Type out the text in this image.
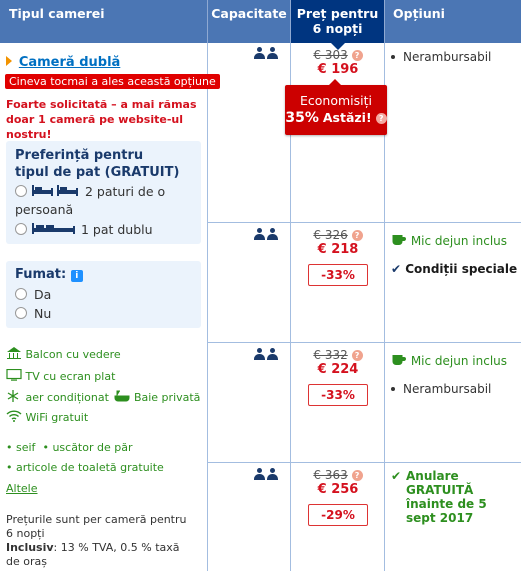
Tipul camerei	Capacitate Preț pentru
6 nopți
Opțiuni
Cameră dublă
Cineva tocmai a ales această opțiune
Foarte solicitată – a mai rămas doar 1 cameră pe website-ul nostru!
Preferință pentru tipul de pat (GRATUIT)
2 paturi de o persoană
1 pat dublu
Fumat: i
Da
Nu
Balcon cu vedere
TV cu ecran plat
aer condiționat Baie privată
WiFi gratuit
• seif • uscător de păr
• articole de toaletă gratuite
Altele
Prețurile sunt per cameră pentru 6 nopți
Inclusiv: 13 % TVA, 0.5 % taxă de oraș
€ 303 ?
€ 196
Economisiți
35% Astăzi! ?
Nerambursabil
€ 326 ?
€ 218
-33%
Mic dejun inclus
✔ Condiții speciale
€ 332 ?
€ 224
-33%
Mic dejun inclus
Nerambursabil
€ 363 ?
€ 256
-29%
✔ Anulare GRATUITĂ înainte de 5 sept 2017
